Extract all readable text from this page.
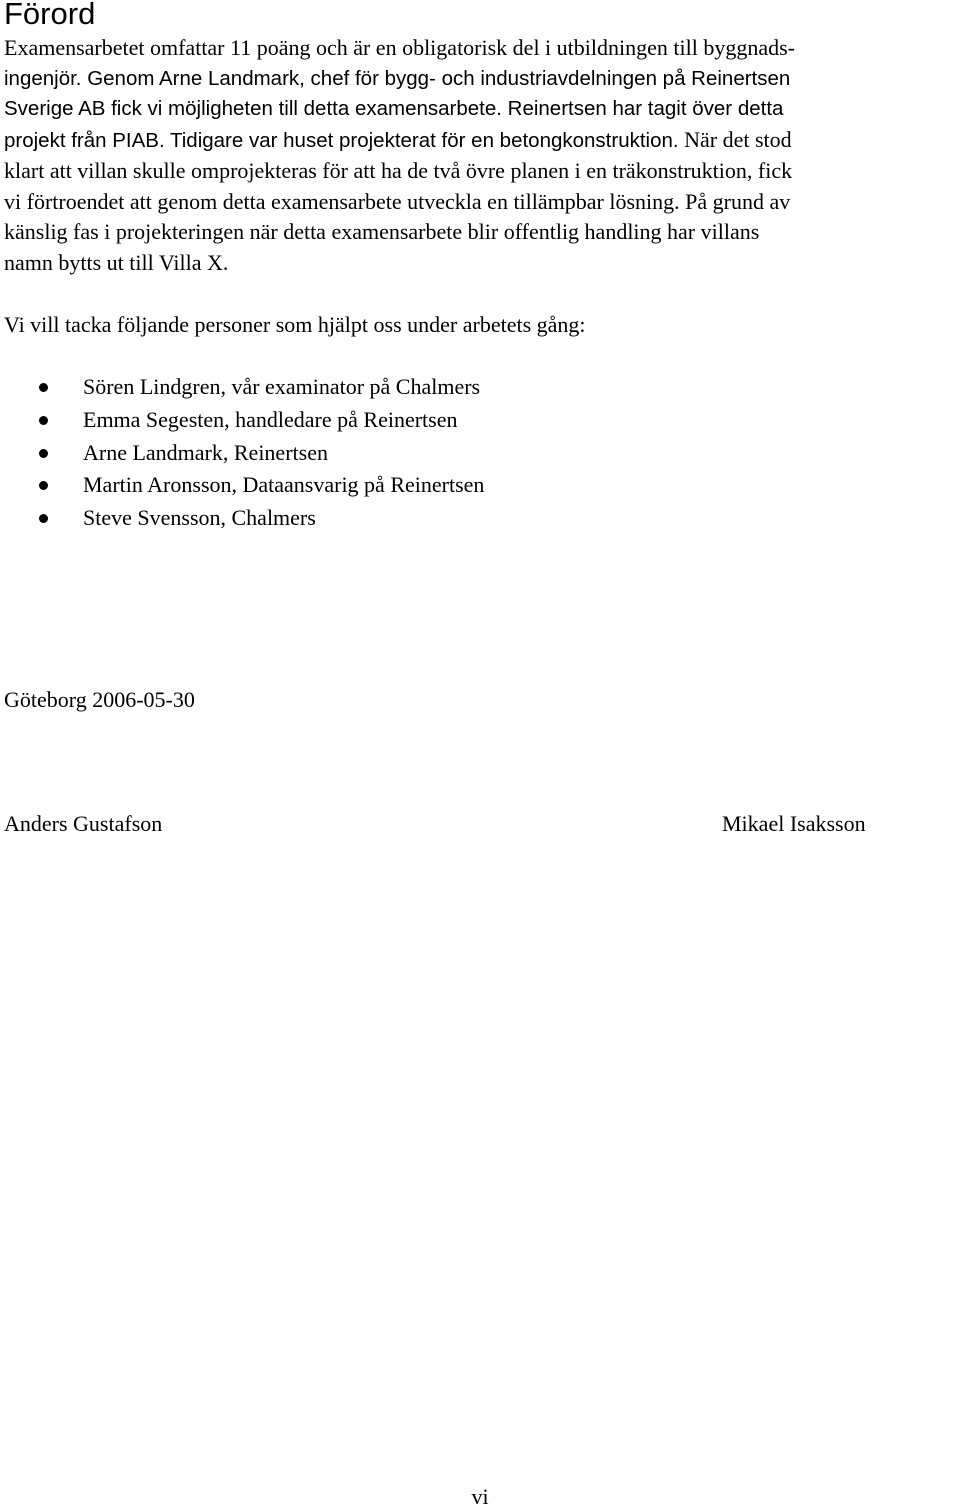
Förord
Examensarbetet omfattar 11 poäng och är en obligatorisk del i utbildningen till byggnads-
ingenjör. Genom Arne Landmark, chef för bygg- och industriavdelningen på Reinertsen
Sverige AB fick vi möjligheten till detta examensarbete. Reinertsen har tagit över detta
projekt från PIAB. Tidigare var huset projekterat för en betongkonstruktion. När det stod
klart att villan skulle omprojekteras för att ha de två övre planen i en träkonstruktion, fick
vi förtroendet att genom detta examensarbete utveckla en tillämpbar lösning. På grund av
känslig fas i projekteringen när detta examensarbete blir offentlig handling har villans
namn bytts ut till Villa X.

Vi vill tacka följande personer som hjälpt oss under arbetets gång:

Sören Lindgren, vår examinator på Chalmers
Emma Segesten, handledare på Reinertsen
Arne Landmark, Reinertsen
Martin Aronsson, Dataansvarig på Reinertsen
Steve Svensson, Chalmers

Göteborg 2006-05-30

Anders Gustafson	Mikael Isaksson
vi
